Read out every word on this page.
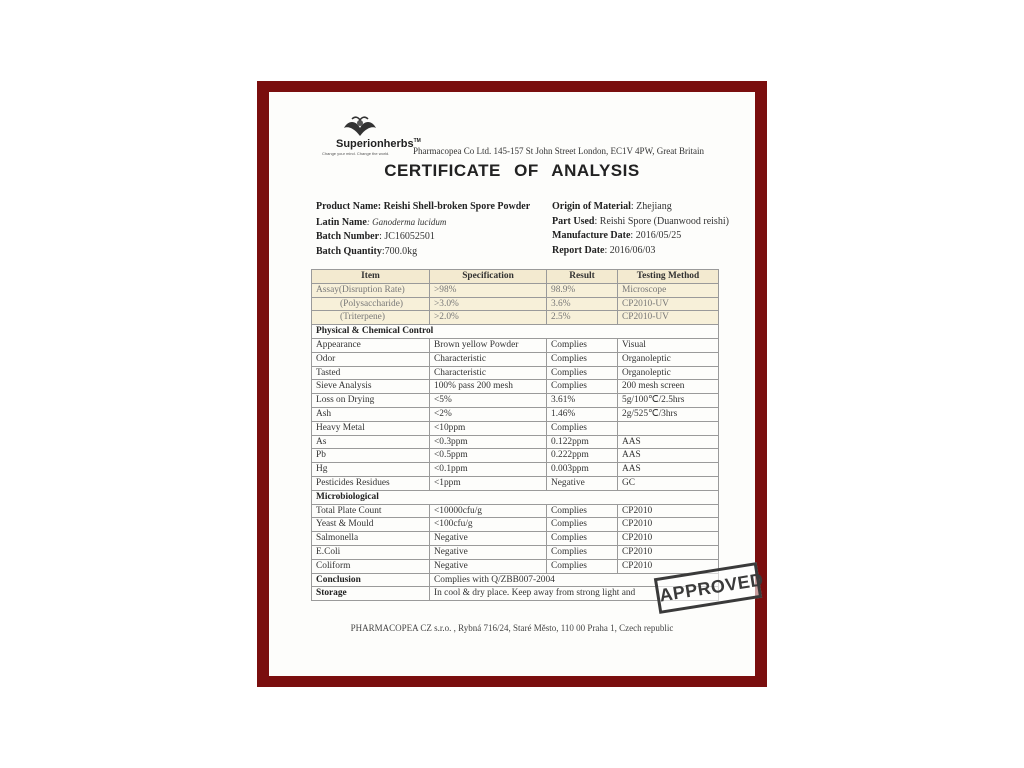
Superionherbs™
Change your mind. Change the world.	Pharmacopea Co Ltd. 145-157 St John Street London, EC1V 4PW, Great Britain
CERTIFICATE OF ANALYSIS
Product Name: Reishi Shell-broken Spore Powder
Latin Name: Ganoderma lucidum
Batch Number: JC16052501
Batch Quantity:700.0kg
Origin of Material: Zhejiang
Part Used: Reishi Spore (Duanwood reishi)
Manufacture Date: 2016/05/25
Report Date: 2016/06/03
Item	Specification	Result	Testing Method
Assay(Disruption Rate)	>98%	98.9%	Microscope
(Polysaccharide)	>3.0%	3.6%	CP2010-UV
(Triterpene)	>2.0%	2.5%	CP2010-UV
Physical & Chemical Control			
Appearance	Brown yellow Powder	Complies	Visual
Odor	Characteristic	Complies	Organoleptic
Tasted	Characteristic	Complies	Organoleptic
Sieve Analysis	100% pass 200 mesh	Complies	200 mesh screen
Loss on Drying	<5%	3.61%	5g/100℃/2.5hrs
Ash	<2%	1.46%	2g/525℃/3hrs
Heavy Metal	<10ppm	Complies	
As	<0.3ppm	0.122ppm	AAS
Pb	<0.5ppm	0.222ppm	AAS
Hg	<0.1ppm	0.003ppm	AAS
Pesticides Residues	<1ppm	Negative	GC
Microbiological			
Total Plate Count	<10000cfu/g	Complies	CP2010
Yeast & Mould	<100cfu/g	Complies	CP2010
Salmonella	Negative	Complies	CP2010
E.Coli	Negative	Complies	CP2010
Coliform	Negative	Complies	CP2010
Conclusion	Complies with Q/ZBB007-2004		
Storage	In cool & dry place. Keep away from strong light and		APPROVED
PHARMACOPEA CZ s.r.o. , Rybná 716/24, Staré Město, 110 00 Praha 1, Czech republic
